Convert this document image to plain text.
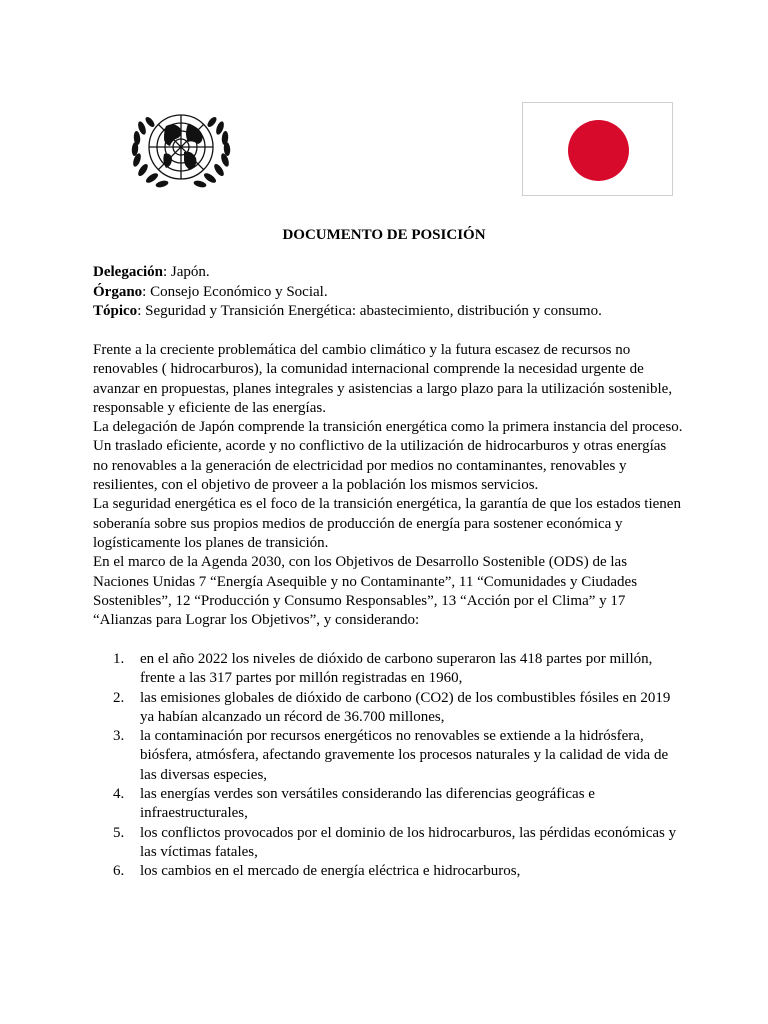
DOCUMENTO DE POSICIÓN
Delegación: Japón.
Órgano: Consejo Económico y Social.
Tópico: Seguridad y Transición Energética: abastecimiento, distribución y consumo.

Frente a la creciente problemática del cambio climático y la futura escasez de recursos no renovables ( hidrocarburos), la comunidad internacional comprende la necesidad urgente de avanzar en propuestas, planes integrales y asistencias a largo plazo para la utilización sostenible, responsable y eficiente de las energías.

La delegación de Japón comprende la transición energética como la primera instancia del proceso. Un traslado eficiente, acorde y no conflictivo de la utilización de hidrocarburos y otras energías no renovables a la generación de electricidad por medios no contaminantes, renovables y resilientes, con el objetivo de proveer a la población los mismos servicios.

La seguridad energética es el foco de la transición energética, la garantía de que los estados tienen soberanía sobre sus propios medios de producción de energía para sostener económica y logísticamente los planes de transición.

En el marco de la Agenda 2030, con los Objetivos de Desarrollo Sostenible (ODS) de las Naciones Unidas 7 “Energía Asequible y no Contaminante”, 11 “Comunidades y Ciudades Sostenibles”, 12 “Producción y Consumo Responsables”, 13 “Acción por el Clima” y 17 “Alianzas para Lograr los Objetivos”, y considerando:

1. en el año 2022 los niveles de dióxido de carbono superaron las 418 partes por millón, frente a las 317 partes por millón registradas en 1960,
2. las emisiones globales de dióxido de carbono (CO2) de los combustibles fósiles en 2019 ya habían alcanzado un récord de 36.700 millones,
3. la contaminación por recursos energéticos no renovables se extiende a la hidrósfera, biósfera, atmósfera, afectando gravemente los procesos naturales y la calidad de vida de las diversas especies,
4. las energías verdes son versátiles considerando las diferencias geográficas e infraestructurales,
5. los conflictos provocados por el dominio de los hidrocarburos, las pérdidas económicas y las víctimas fatales,
6. los cambios en el mercado de energía eléctrica e hidrocarburos,
